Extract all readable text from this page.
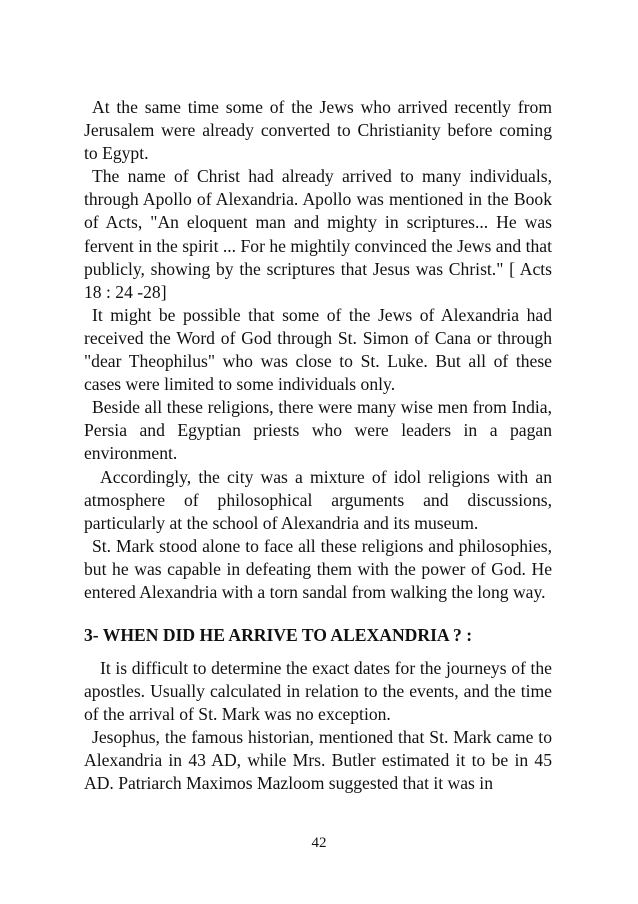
At the same time some of the Jews who arrived recently from Jerusalem were already converted to Christianity before coming to Egypt.

The name of Christ had already arrived to many individuals, through Apollo of Alexandria. Apollo was mentioned in the Book of Acts, "An eloquent man and mighty in scriptures... He was fervent in the spirit ... For he mightily convinced the Jews and that publicly, showing by the scriptures that Jesus was Christ." [ Acts 18 : 24 -28]

It might be possible that some of the Jews of Alexandria had received the Word of God through St. Simon of Cana or through "dear Theophilus" who was close to St. Luke. But all of these cases were limited to some individuals only.

Beside all these religions, there were many wise men from India, Persia and Egyptian priests who were leaders in a pagan environment.

Accordingly, the city was a mixture of idol religions with an atmosphere of philosophical arguments and discussions, particularly at the school of Alexandria and its museum.

St. Mark stood alone to face all these religions and philosophies, but he was capable in defeating them with the power of God. He entered Alexandria with a torn sandal from walking the long way.

3- WHEN DID HE ARRIVE TO ALEXANDRIA ? :

It is difficult to determine the exact dates for the journeys of the apostles. Usually calculated in relation to the events, and the time of the arrival of St. Mark was no exception.

Jesophus, the famous historian, mentioned that St. Mark came to Alexandria in 43 AD, while Mrs. Butler estimated it to be in 45 AD. Patriarch Maximos Mazloom suggested that it was in

42
